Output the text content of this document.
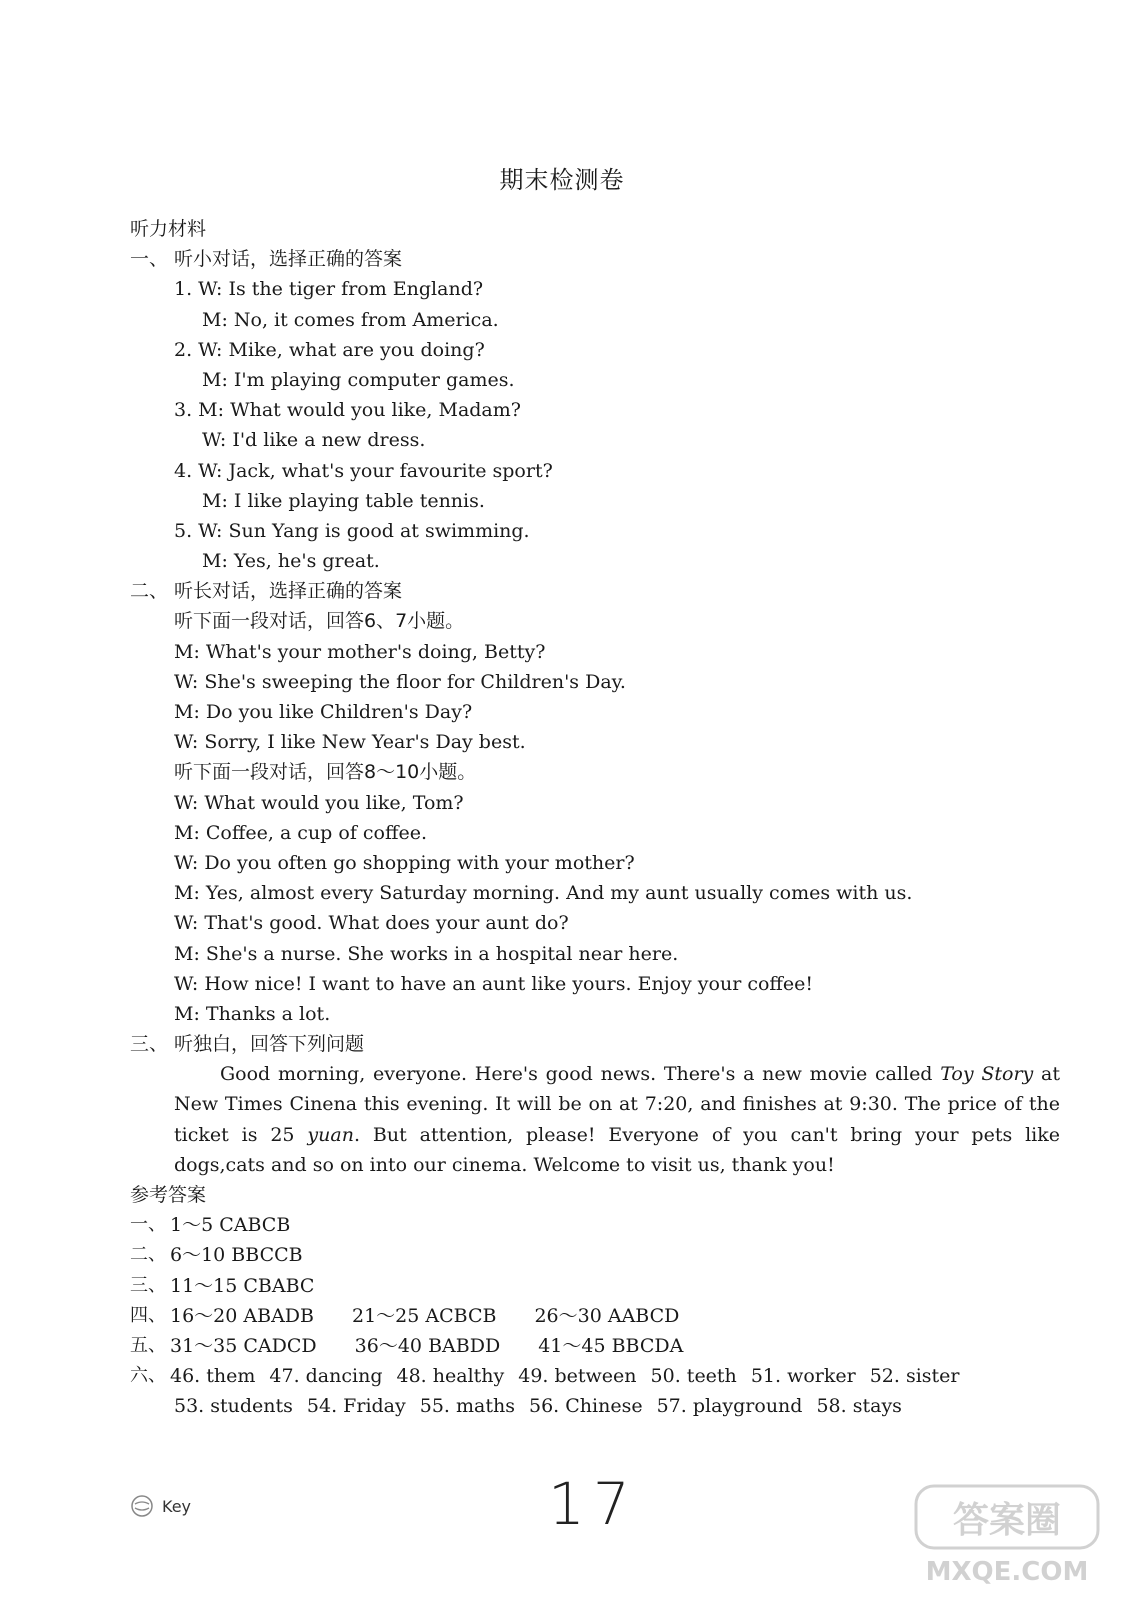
期末检测卷
听力材料
一、 听小对话，选择正确的答案
1. W: Is the tiger from England?
M: No, it comes from America.
2. W: Mike, what are you doing?
M: I'm playing computer games.
3. M: What would you like, Madam?
W: I'd like a new dress.
4. W: Jack, what's your favourite sport?
M: I like playing table tennis.
5. W: Sun Yang is good at swimming.
M: Yes, he's great.
二、 听长对话，选择正确的答案
听下面一段对话，回答6、7小题。
M: What's your mother's doing, Betty?
W: She's sweeping the floor for Children's Day.
M: Do you like Children's Day?
W: Sorry, I like New Year's Day best.
听下面一段对话，回答8～10小题。
W: What would you like, Tom?
M: Coffee, a cup of coffee.
W: Do you often go shopping with your mother?
M: Yes, almost every Saturday morning. And my aunt usually comes with us.
W: That's good. What does your aunt do?
M: She's a nurse. She works in a hospital near here.
W: How nice! I want to have an aunt like yours. Enjoy your coffee!
M: Thanks a lot.
三、 听独白，回答下列问题
Good morning, everyone. Here's good news. There's a new movie called Toy Story at New Times Cinena this evening. It will be on at 7:20, and finishes at 9:30. The price of the ticket is 25 yuan. But attention, please! Everyone of you can't bring your pets like dogs,cats and so on into our cinema. Welcome to visit us, thank you!
参考答案
一、 1～5 CABCB
二、 6～10 BBCCB
三、 11～15 CBABC
四、 16～20 ABADB 21～25 ACBCB 26～30 AABCD
五、 31～35 CADCD 36～40 BABDD 41～45 BBCDA
六、 46. them 47. dancing 48. healthy 49. between 50. teeth 51. worker 52. sister
53. students 54. Friday 55. maths 56. Chinese 57. playground 58. stays
Key	17	答案圈
MXQE.COM
